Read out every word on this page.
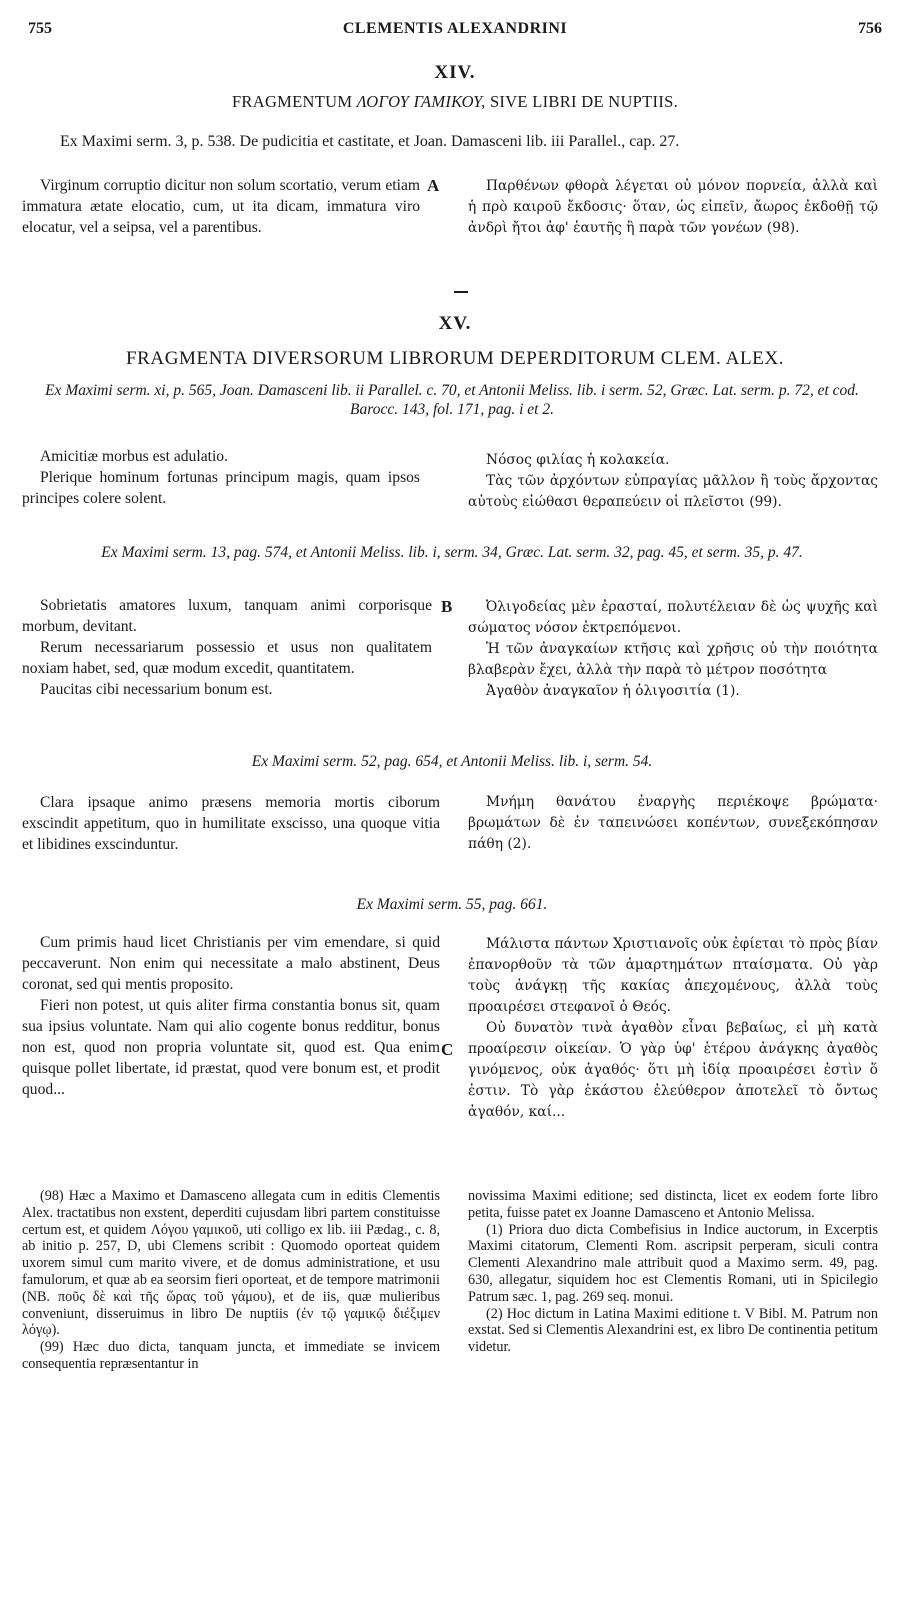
755	CLEMENTIS ALEXANDRINI	756
XIV.
FRAGMENTUM ΛΟΓΟΥ ΓΑΜΙΚΟΥ, SIVE LIBRI DE NUPTIIS.
Ex Maximi serm. 3, p. 538. De pudicitia et castitate, et Joan. Damasceni lib. iii Parallel., cap. 27.

Virginum corruptio dicitur non solum scortatio, verum etiam immatura ætate elocatio, cum, ut ita dicam, immatura viro elocatur, vel a seipsa, vel a parentibus.

A	Παρθένων φθορὰ λέγεται οὐ μόνον πορνεία, ἀλλὰ καὶ ἡ πρὸ καιροῦ ἔκδοσις· ὅταν, ὡς εἰπεῖν, ἄωρος ἐκδοθῇ τῷ ἀνδρὶ ἤτοι ἀφ' ἑαυτῆς ἢ παρὰ τῶν γονέων (98).

XV.
FRAGMENTA DIVERSORUM LIBRORUM DEPERDITORUM CLEM. ALEX.
Ex Maximi serm. xi, p. 565, Joan. Damasceni lib. ii Parallel. c. 70, et Antonii Meliss. lib. i serm. 52, Græc. Lat. serm. p. 72, et cod. Barocc. 143, fol. 171, pag. i et 2.

Amicitiæ morbus est adulatio.

Plerique hominum fortunas principum magis, quam ipsos principes colere solent.

Νόσος φιλίας ἡ κολακεία.

Τὰς τῶν ἀρχόντων εὐπραγίας μᾶλλον ἢ τοὺς ἄρχοντας αὐτοὺς εἰώθασι θεραπεύειν οἱ πλεῖστοι (99).

Ex Maximi serm. 13, pag. 574, et Antonii Meliss. lib. i, serm. 34, Græc. Lat. serm. 32, pag. 45, et serm. 35, p. 47.

Sobrietatis amatores luxum, tanquam animi corporisque morbum, devitant.

Rerum necessariarum possessio et usus non qualitatem noxiam habet, sed, quæ modum excedit, quantitatem.

Paucitas cibi necessarium bonum est.

B	Ὀλιγοδείας μὲν ἐρασταί, πολυτέλειαν δὲ ὡς ψυχῆς καὶ σώματος νόσον ἐκτρεπόμενοι.

Ἡ τῶν ἀναγκαίων κτῆσις καὶ χρῆσις οὐ τὴν ποιότητα βλαβερὰν ἔχει, ἀλλὰ τὴν παρὰ τὸ μέτρον ποσότητα

Ἀγαθὸν ἀναγκαῖον ἡ ὀλιγοσιτία (1).

Ex Maximi serm. 52, pag. 654, et Antonii Meliss. lib. i, serm. 54.

Clara ipsaque animo præsens memoria mortis ciborum exscindit appetitum, quo in humilitate exscisso, una quoque vitia et libidines exscinduntur.

Μνήμη θανάτου ἐναργὴς περιέκοψε βρώματα· βρωμάτων δὲ ἐν ταπεινώσει κοπέντων, συνεξεκόπησαν πάθη (2).

Ex Maximi serm. 55, pag. 661.

Cum primis haud licet Christianis per vim emendare, si quid peccaverunt. Non enim qui necessitate a malo abstinent, Deus coronat, sed qui mentis proposito.

Fieri non potest, ut quis aliter firma constantia bonus sit, quam sua ipsius voluntate. Nam qui alio cogente bonus redditur, bonus non est, quod non propria voluntate sit, quod est. Qua enim quisque pollet libertate, id præstat, quod vere bonum est, et prodit quod...

C

Μάλιστα πάντων Χριστιανοῖς οὐκ ἐφίεται τὸ πρὸς βίαν ἐπανορθοῦν τὰ τῶν ἁμαρτημάτων πταίσματα. Οὐ γὰρ τοὺς ἀνάγκῃ τῆς κακίας ἀπεχομένους, ἀλλὰ τοὺς προαιρέσει στεφανοῖ ὁ Θεός.

Οὐ δυνατὸν τινὰ ἀγαθὸν εἶναι βεβαίως, εἰ μὴ κατὰ προαίρεσιν οἰκείαν. Ὁ γὰρ ὑφ' ἑτέρου ἀνάγκης ἀγαθὸς γινόμενος, οὐκ ἀγαθός· ὅτι μὴ ἰδίᾳ προαιρέσει ἐστὶν ὅ ἐστιν. Τὸ γὰρ ἑκάστου ἐλεύθερον ἀποτελεῖ τὸ ὄντως ἀγαθόν, καί...

(98) Hæc a Maximo et Damasceno allegata cum in editis Clementis Alex. tractatibus non exstent, deperditi cujusdam libri partem constituisse certum est, et quidem Λόγου γαμικοῦ, uti colligo ex lib. iii Pædag., c. 8, ab initio p. 257, D, ubi Clemens scribit : Quomodo oporteat quidem uxorem simul cum marito vivere, et de domus administratione, et usu famulorum, et quæ ab ea seorsim fieri oporteat, et de tempore matrimonii (NB. ποῦς δὲ καὶ τῆς ὥρας τοῦ γάμου), et de iis, quæ mulieribus conveniunt, disseruimus in libro De nuptiis (ἐν τῷ γαμικῷ διέξιμεν λόγῳ).

(99) Hæc duo dicta, tanquam juncta, et immediate se invicem consequentia repræsentantur in

novissima Maximi editione; sed distincta, licet ex eodem forte libro petita, fuisse patet ex Joanne Damasceno et Antonio Melissa.

(1) Priora duo dicta Combefisius in Indice auctorum, in Excerptis Maximi citatorum, Clementi Rom. ascripsit perperam, siculi contra Clementi Alexandrino male attribuit quod a Maximo serm. 49, pag. 630, allegatur, siquidem hoc est Clementis Romani, uti in Spicilegio Patrum sæc. 1, pag. 269 seq. monui.

(2) Hoc dictum in Latina Maximi editione t. V Bibl. M. Patrum non exstat. Sed si Clementis Alexandrini est, ex libro De continentia petitum videtur.
